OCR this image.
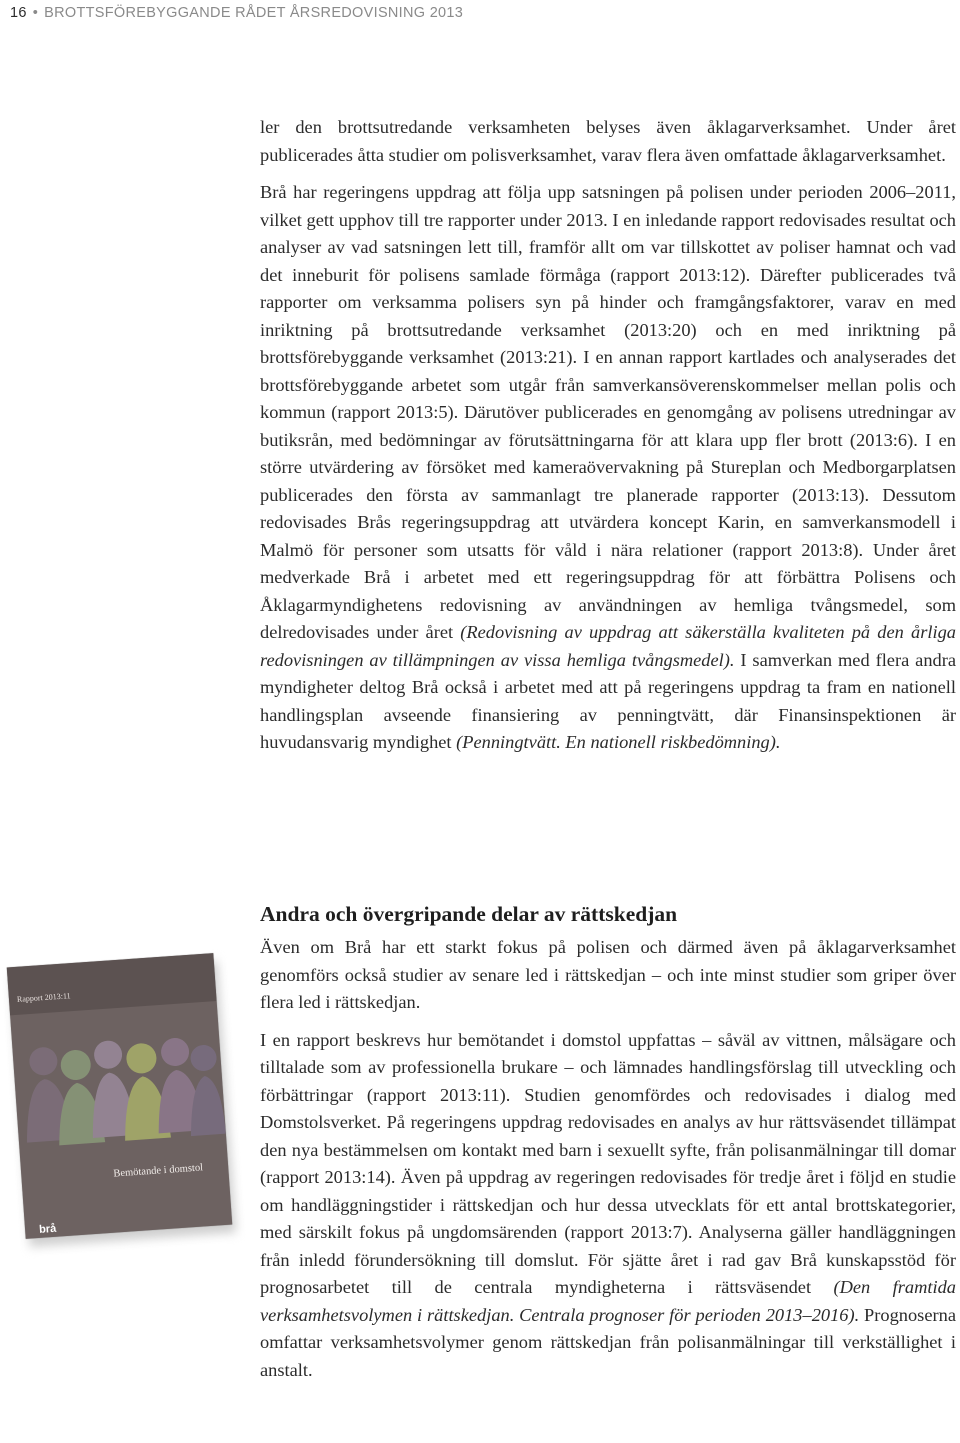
16 • BROTTSFÖREBYGGANDE RÅDET ÅRSREDOVISNING 2013

ler den brottsutredande verksamheten belyses även åklagarverksamhet. Under året publicerades åtta studier om polisverksamhet, varav flera även omfattade åklagarverksamhet.

Brå har regeringens uppdrag att följa upp satsningen på polisen under perioden 2006–2011, vilket gett upphov till tre rapporter under 2013. I en inledande rapport redovisades resultat och analyser av vad satsningen lett till, framför allt om var tillskottet av poliser hamnat och vad det inneburit för polisens samlade förmåga (rapport 2013:12). Därefter publicerades två rapporter om verksamma polisers syn på hinder och framgångsfaktorer, varav en med inriktning på brottsutredande verksamhet (2013:20) och en med inriktning på brottsförebyggande verksamhet (2013:21). I en annan rapport kartlades och analyserades det brottsförebyggande arbetet som utgår från samverkansöverenskommelser mellan polis och kommun (rapport 2013:5). Därutöver publicerades en genomgång av polisens utredningar av butiksrån, med bedömningar av förutsättningarna för att klara upp fler brott (2013:6). I en större utvärdering av försöket med kameraövervakning på Stureplan och Medborgarplatsen publicerades den första av sammanlagt tre planerade rapporter (2013:13). Dessutom redovisades Brås regeringsuppdrag att utvärdera koncept Karin, en samverkansmodell i Malmö för personer som utsatts för våld i nära relationer (rapport 2013:8). Under året medverkade Brå i arbetet med ett regeringsuppdrag för att förbättra Polisens och Åklagarmyndighetens redovisning av användningen av hemliga tvångsmedel, som delredovisades under året (Redovisning av uppdrag att säkerställa kvaliteten på den årliga redovisningen av tillämpningen av vissa hemliga tvångsmedel). I samverkan med flera andra myndigheter deltog Brå också i arbetet med att på regeringens uppdrag ta fram en nationell handlingsplan avseende finansiering av penningtvätt, där Finansinspektionen är huvudansvarig myndighet (Penningtvätt. En nationell riskbedömning).

Andra och övergripande delar av rättskedjan

Även om Brå har ett starkt fokus på polisen och därmed även på åklagarverksamhet genomförs också studier av senare led i rättskedjan – och inte minst studier som griper över flera led i rättskedjan.

I en rapport beskrevs hur bemötandet i domstol uppfattas – såväl av vittnen, målsägare och tilltalade som av professionella brukare – och lämnades handlingsförslag till utveckling och förbättringar (rapport 2013:11). Studien genomfördes och redovisades i dialog med Domstolsverket. På regeringens uppdrag redovisades en analys av hur rättsväsendet tillämpat den nya bestämmelsen om kontakt med barn i sexuellt syfte, från polisanmälningar till domar (rapport 2013:14). Även på uppdrag av regeringen redovisades för tredje året i följd en studie om handläggningstider i rättskedjan och hur dessa utvecklats för ett antal brottskategorier, med särskilt fokus på ungdomsärenden (rapport 2013:7). Analyserna gäller handläggningen från inledd förundersökning till domslut. För sjätte året i rad gav Brå kunskapsstöd för prognosarbetet till de centrala myndigheterna i rättsväsendet (Den framtida verksamhetsvolymen i rättskedjan. Centrala prognoser för perioden 2013–2016). Prognoserna omfattar verksamhetsvolymer genom rättskedjan från polisanmälningar till verkställighet i anstalt.

Rapport 2013:11
Bemötande i domstol
brå
